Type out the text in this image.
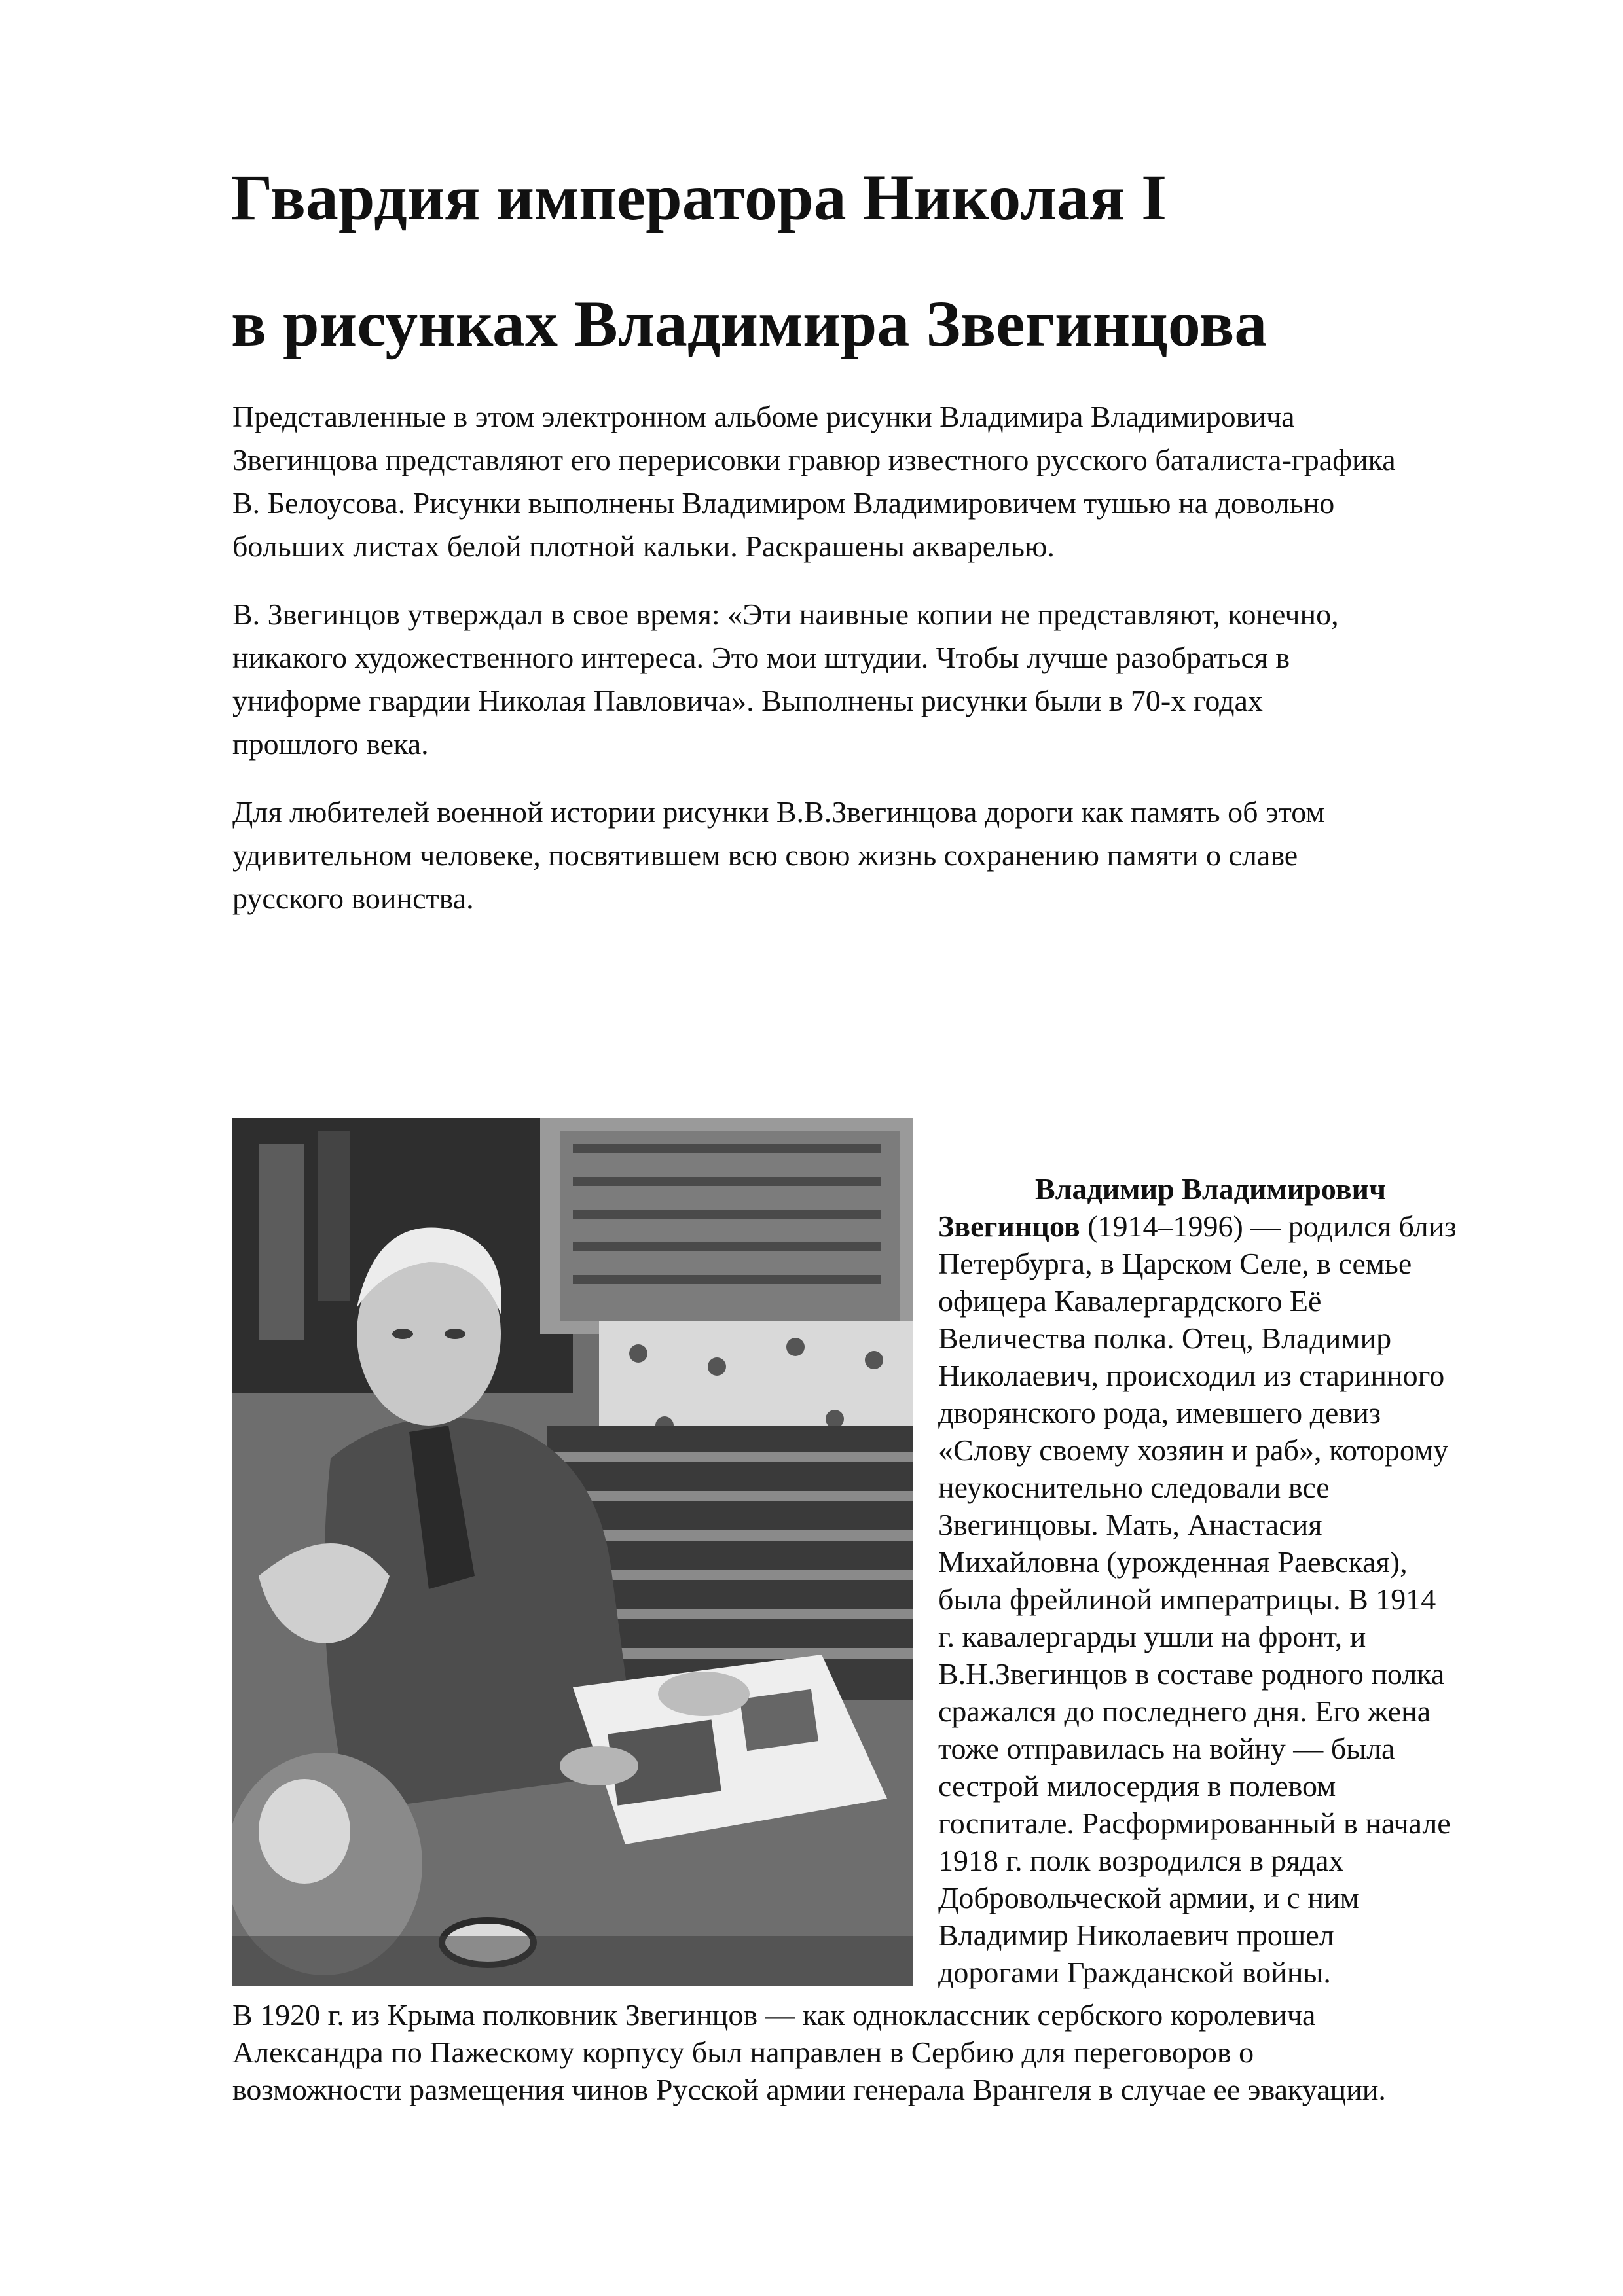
Гвардия императора Николая I
в рисунках Владимира Звегинцова
Представленные в этом электронном альбоме рисунки Владимира Владимировича
Звегинцова представляют его перерисовки гравюр известного русского баталиста-графика
В. Белоусова. Рисунки выполнены Владимиром Владимировичем тушью на довольно
больших листах белой плотной кальки. Раскрашены акварелью.
В. Звегинцов утверждал в свое время: «Эти наивные копии не представляют, конечно,
никакого художественного интереса. Это мои штудии. Чтобы лучше разобраться в
униформе гвардии Николая Павловича». Выполнены рисунки были в 70-х годах
прошлого века.
Для любителей военной истории рисунки В.В.Звегинцова дороги как память об этом
удивительном человеке, посвятившем всю свою жизнь сохранению памяти о славе
русского воинства.
Владимир Владимирович
Звегинцов (1914–1996) — родился близ
Петербурга, в Царском Селе, в семье
офицера Кавалергардского Её
Величества полка. Отец, Владимир
Николаевич, происходил из старинного
дворянского рода, имевшего девиз
«Слову своему хозяин и раб», которому
неукоснительно следовали все
Звегинцовы. Мать, Анастасия
Михайловна (урожденная Раевская),
была фрейлиной императрицы. В 1914
г. кавалергарды ушли на фронт, и
В.Н.Звегинцов в составе родного полка
сражался до последнего дня. Его жена
тоже отправилась на войну — была
сестрой милосердия в полевом
госпитале. Расформированный в начале
1918 г. полк возродился в рядах
Добровольческой армии, и с ним
Владимир Николаевич прошел
дорогами Гражданской войны.
В 1920 г. из Крыма полковник Звегинцов — как одноклассник сербского королевича
Александра по Пажескому корпусу был направлен в Сербию для переговоров о
возможности размещения чинов Русской армии генерала Врангеля в случае ее эвакуации.
